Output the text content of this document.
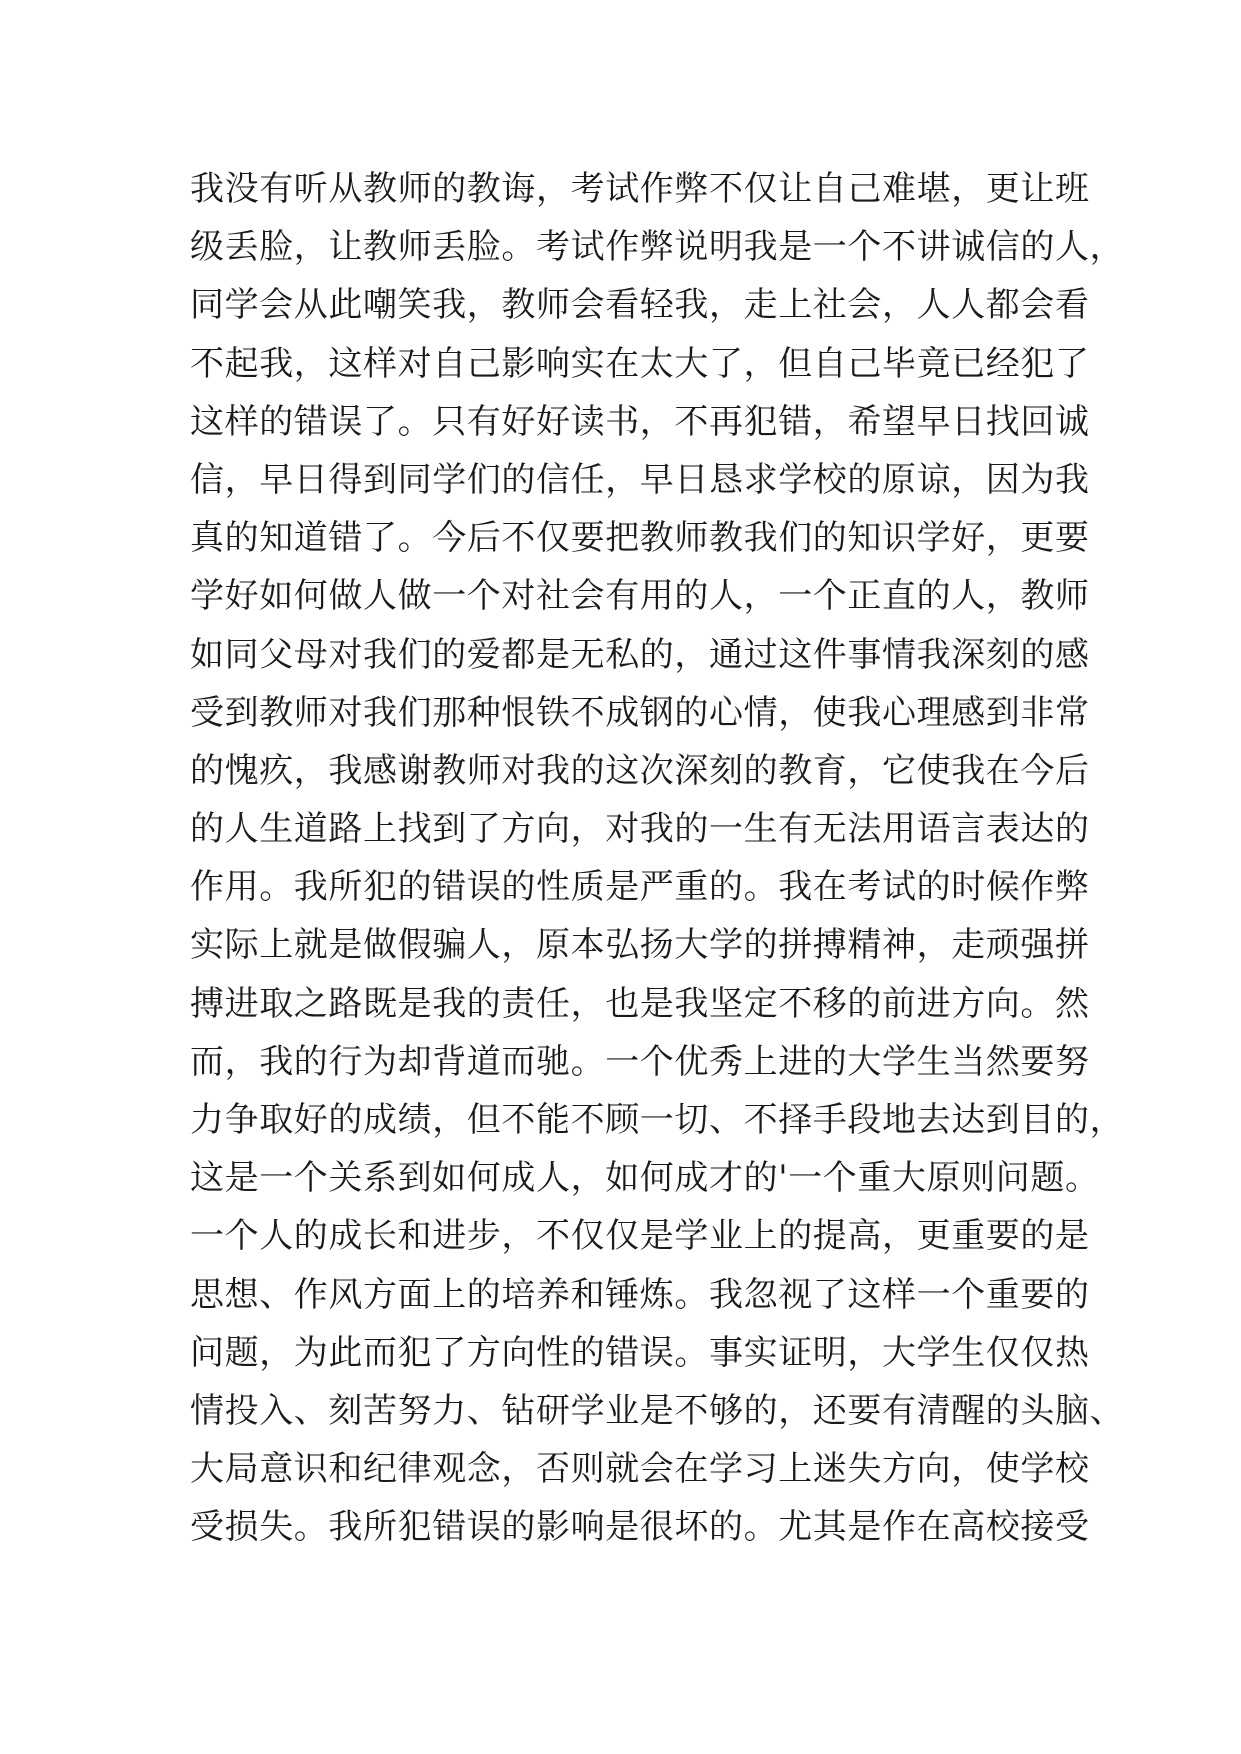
我没有听从教师的教诲，考试作弊不仅让自己难堪，更让班
级丢脸，让教师丢脸。考试作弊说明我是一个不讲诚信的人，
同学会从此嘲笑我，教师会看轻我，走上社会，人人都会看
不起我，这样对自己影响实在太大了，但自己毕竟已经犯了
这样的错误了。只有好好读书，不再犯错，希望早日找回诚
信，早日得到同学们的信任，早日恳求学校的原谅，因为我
真的知道错了。今后不仅要把教师教我们的知识学好，更要
学好如何做人做一个对社会有用的人，一个正直的人，教师
如同父母对我们的爱都是无私的，通过这件事情我深刻的感
受到教师对我们那种恨铁不成钢的心情，使我心理感到非常
的愧疚，我感谢教师对我的这次深刻的教育，它使我在今后
的人生道路上找到了方向，对我的一生有无法用语言表达的
作用。我所犯的错误的性质是严重的。我在考试的时候作弊
实际上就是做假骗人，原本弘扬大学的拼搏精神，走顽强拼
搏进取之路既是我的责任，也是我坚定不移的前进方向。然
而，我的行为却背道而驰。一个优秀上进的大学生当然要努
力争取好的成绩，但不能不顾一切、不择手段地去达到目的，
这是一个关系到如何成人，如何成才的'一个重大原则问题。
一个人的成长和进步，不仅仅是学业上的提高，更重要的是
思想、作风方面上的培养和锤炼。我忽视了这样一个重要的
问题，为此而犯了方向性的错误。事实证明，大学生仅仅热
情投入、刻苦努力、钻研学业是不够的，还要有清醒的头脑、
大局意识和纪律观念，否则就会在学习上迷失方向，使学校
受损失。我所犯错误的影响是很坏的。尤其是作在高校接受
